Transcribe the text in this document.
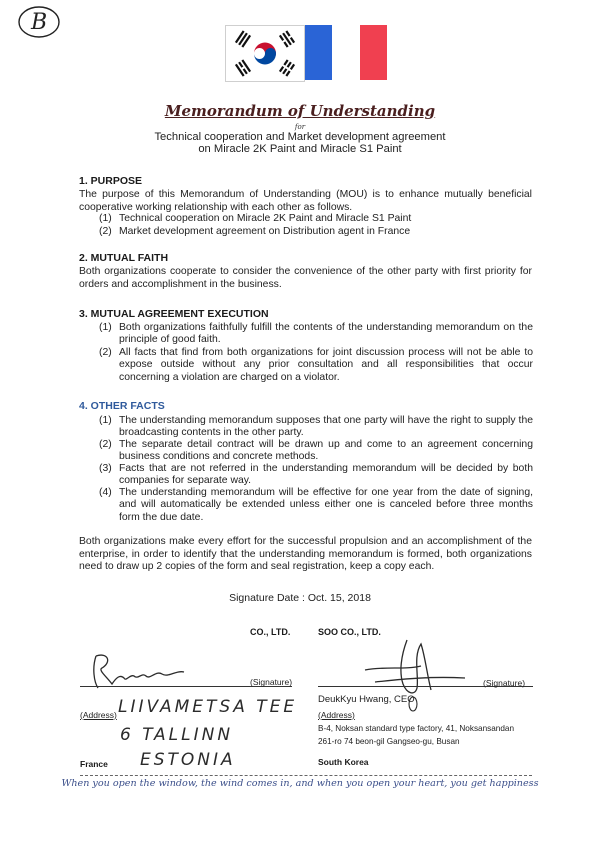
B
Memorandum of Understanding
for
Technical cooperation and Market development agreement
on Miracle 2K Paint and Miracle S1 Paint
1. PURPOSE
The purpose of this Memorandum of Understanding (MOU) is to enhance mutually beneficial cooperative working relationship with each other as follows.
(1) Technical cooperation on Miracle 2K Paint and Miracle S1 Paint
(2) Market development agreement on Distribution agent in France
2. MUTUAL FAITH
Both organizations cooperate to consider the convenience of the other party with first priority for orders and accomplishment in the business.
3. MUTUAL AGREEMENT EXECUTION
(1) Both organizations faithfully fulfill the contents of the understanding memorandum on the principle of good faith.
(2) All facts that find from both organizations for joint discussion process will not be able to expose outside without any prior consultation and all responsibilities that occur concerning a violation are charged on a violator.
4. OTHER FACTS
(1) The understanding memorandum supposes that one party will have the right to supply the broadcasting contents in the other party.
(2) The separate detail contract will be drawn up and come to an agreement concerning business conditions and concrete methods.
(3) Facts that are not referred in the understanding memorandum will be decided by both companies for separate way.
(4) The understanding memorandum will be effective for one year from the date of signing, and will automatically be extended unless either one is canceled before three months form the due date.
Both organizations make every effort for the successful propulsion and an accomplishment of the enterprise, in order to identify that the understanding memorandum is formed, both organizations need to draw up 2 copies of the form and seal registration, keep a copy each.
Signature Date : Oct. 15, 2018
CO., LTD.	SOO CO., LTD.
(Signature)
(Address) LIIVAMETSA TEE
6 TALLINN
ESTONIA
France
(Signature)
DeukKyu Hwang, CEO
(Address)
B-4, Noksan standard type factory, 41, Noksansandan
261-ro 74 beon-gil Gangseo-gu, Busan
South Korea
When you open the window, the wind comes in, and when you open your heart, you get happiness
